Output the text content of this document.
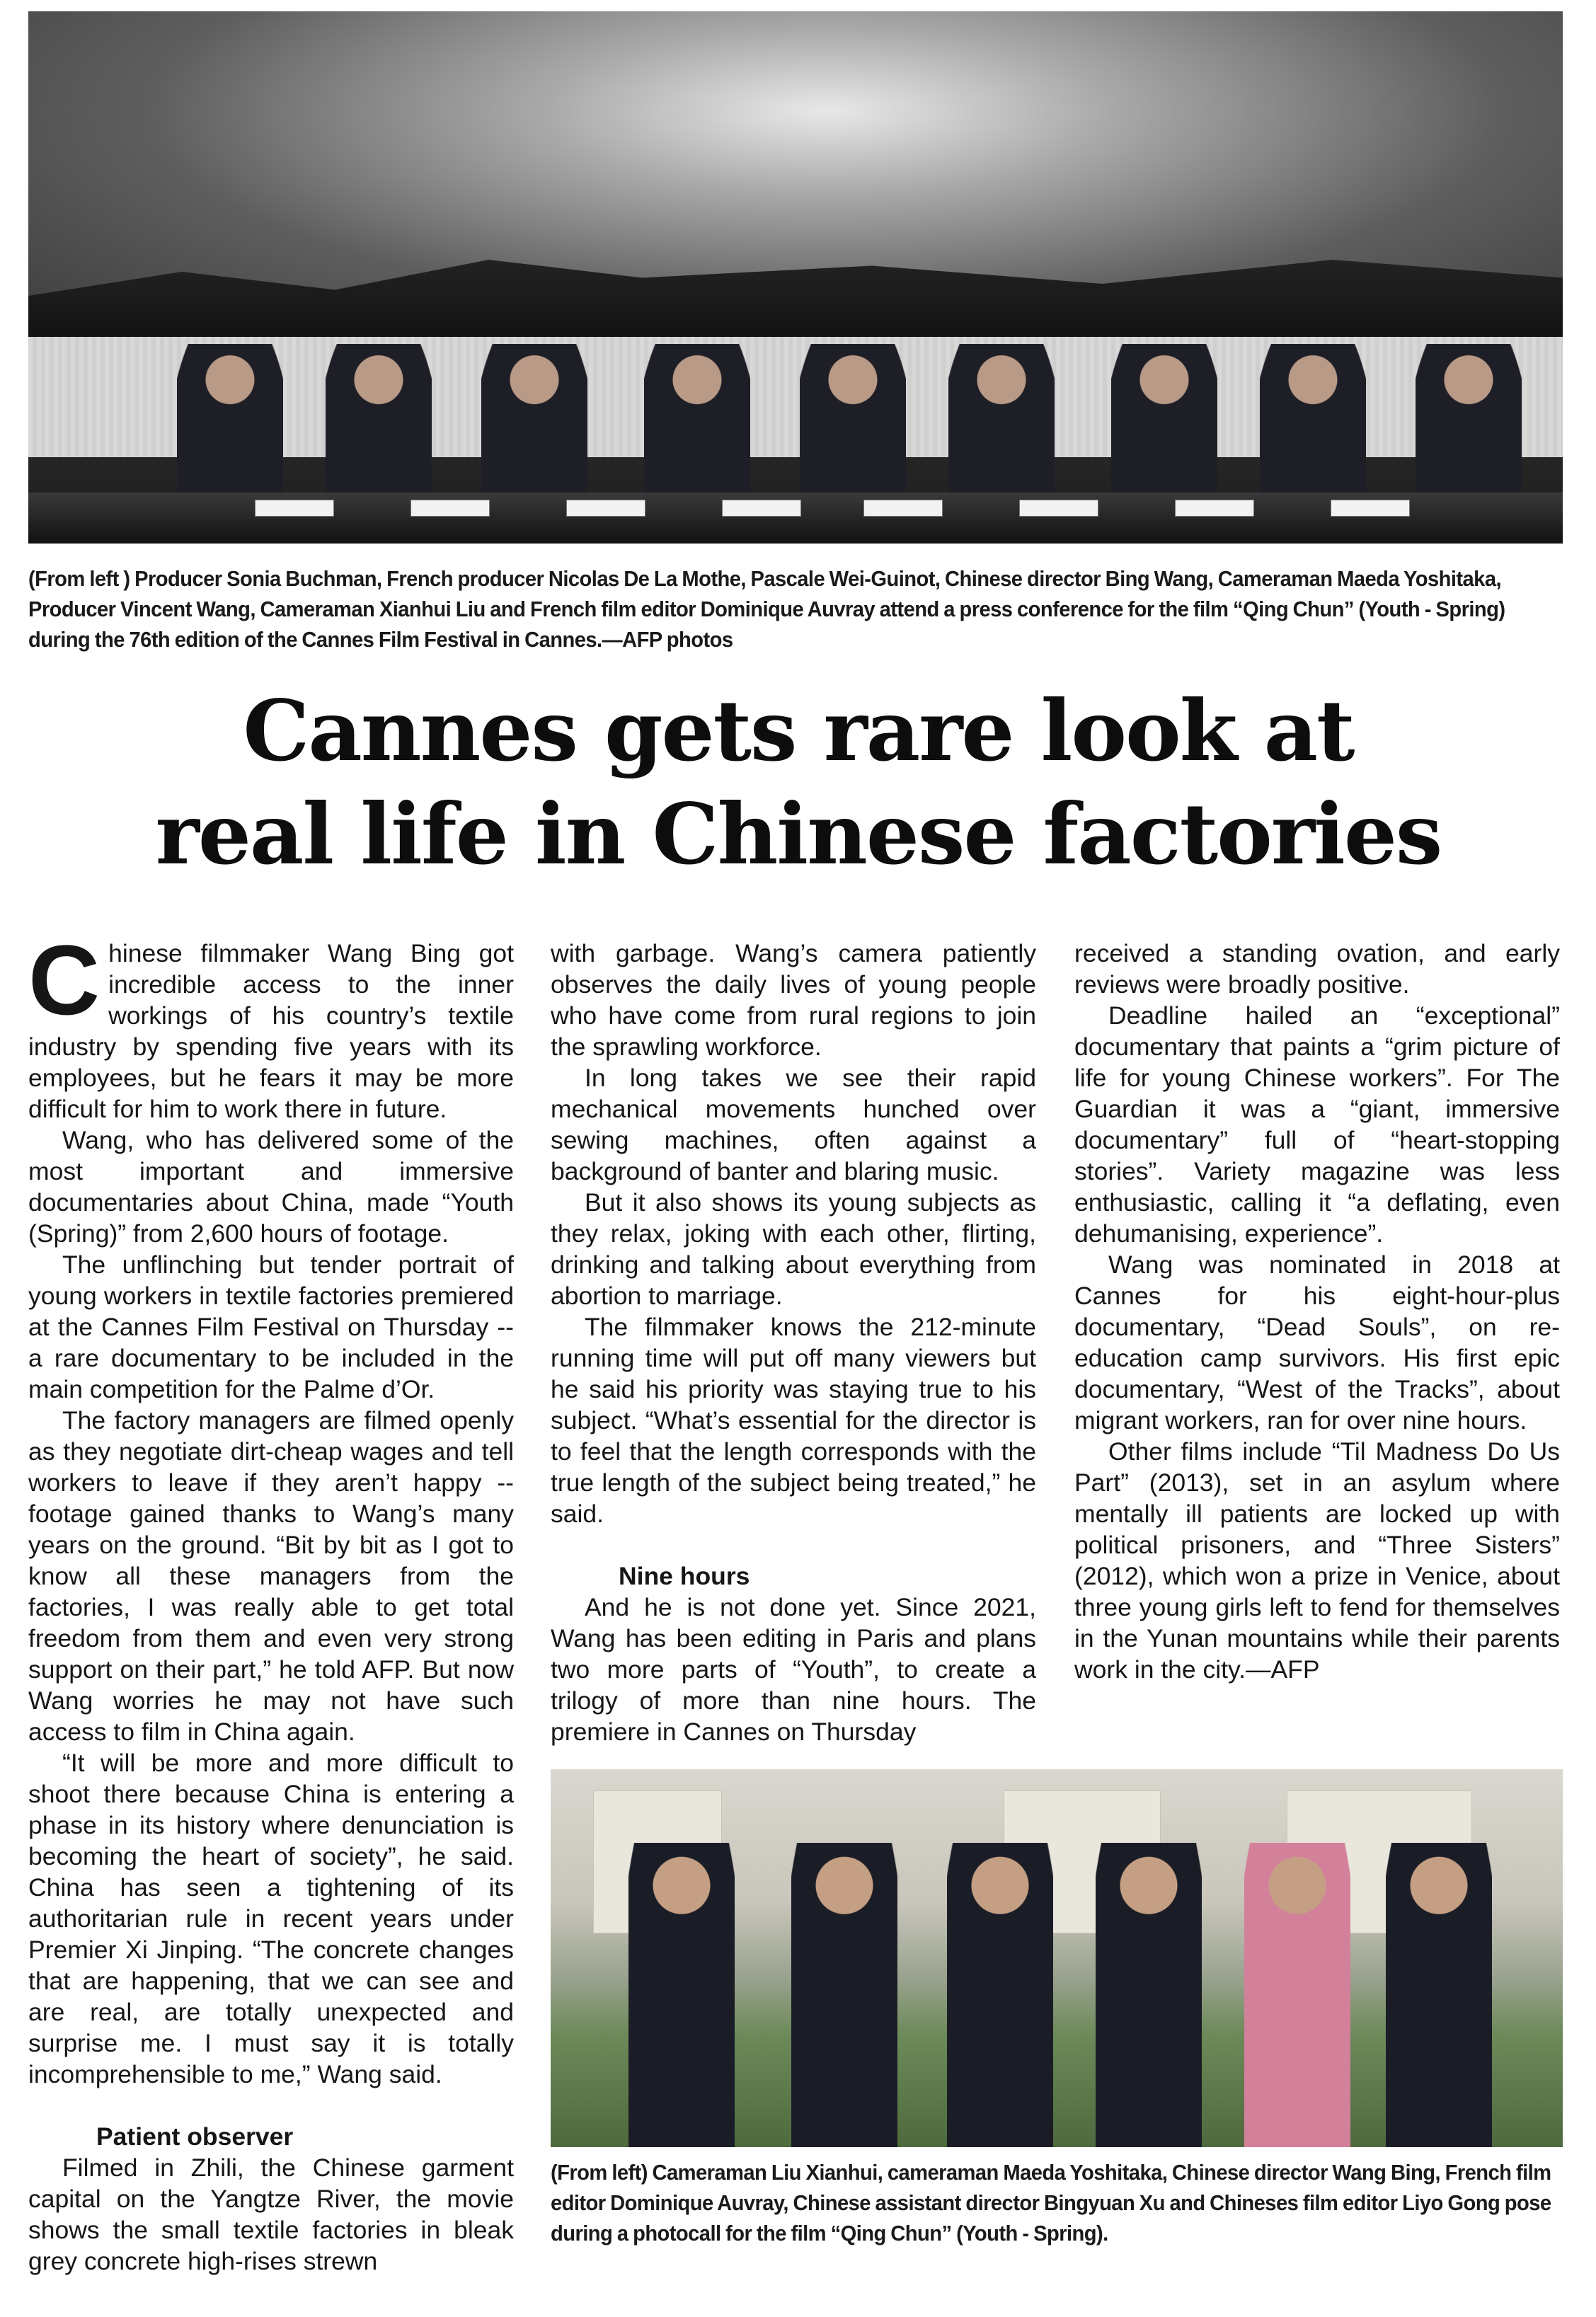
(From left ) Producer Sonia Buchman, French producer Nicolas De La Mothe, Pascale Wei-Guinot, Chinese director Bing Wang, Cameraman Maeda Yoshitaka, Producer Vincent Wang, Cameraman Xianhui Liu and French film editor Dominique Auvray attend a press conference for the film “Qing Chun” (Youth - Spring) during the 76th edition of the Cannes Film Festival in Cannes.—AFP photos
Cannes gets rare look at
real life in Chinese factories

Chinese filmmaker Wang Bing got incredible access to the inner workings of his country’s textile industry by spending five years with its employees, but he fears it may be more difficult for him to work there in future.

Wang, who has delivered some of the most important and immersive documentaries about China, made “Youth (Spring)” from 2,600 hours of footage.

The unflinching but tender portrait of young workers in textile factories premiered at the Cannes Film Festival on Thursday -- a rare documentary to be included in the main competition for the Palme d’Or.

The factory managers are filmed openly as they negotiate dirt-cheap wages and tell workers to leave if they aren’t happy -- footage gained thanks to Wang’s many years on the ground. “Bit by bit as I got to know all these managers from the factories, I was really able to get total freedom from them and even very strong support on their part,” he told AFP. But now Wang worries he may not have such access to film in China again.

“It will be more and more difficult to shoot there because China is entering a phase in its history where denunciation is becoming the heart of society”, he said. China has seen a tightening of its authoritarian rule in recent years under Premier Xi Jinping. “The concrete changes that are happening, that we can see and are real, are totally unexpected and surprise me. I must say it is totally incomprehensible to me,” Wang said.

Patient observer

Filmed in Zhili, the Chinese garment capital on the Yangtze River, the movie shows the small textile factories in bleak grey concrete high-rises strewn

with garbage. Wang’s camera patiently observes the daily lives of young people who have come from rural regions to join the sprawling workforce.

In long takes we see their rapid mechanical movements hunched over sewing machines, often against a background of banter and blaring music.

But it also shows its young subjects as they relax, joking with each other, flirting, drinking and talking about everything from abortion to marriage.

The filmmaker knows the 212-minute running time will put off many viewers but he said his priority was staying true to his subject. “What’s essential for the director is to feel that the length corresponds with the true length of the subject being treated,” he said.

Nine hours

And he is not done yet. Since 2021, Wang has been editing in Paris and plans two more parts of “Youth”, to create a trilogy of more than nine hours. The premiere in Cannes on Thursday

received a standing ovation, and early reviews were broadly positive.

Deadline hailed an “exceptional” documentary that paints a “grim picture of life for young Chinese workers”. For The Guardian it was a “giant, immersive documentary” full of “heart-stopping stories”. Variety magazine was less enthusiastic, calling it “a deflating, even dehumanising, experience”.

Wang was nominated in 2018 at Cannes for his eight-hour-plus documentary, “Dead Souls”, on re-education camp survivors. His first epic documentary, “West of the Tracks”, about migrant workers, ran for over nine hours.

Other films include “Til Madness Do Us Part” (2013), set in an asylum where mentally ill patients are locked up with political prisoners, and “Three Sisters” (2012), which won a prize in Venice, about three young girls left to fend for themselves in the Yunan mountains while their parents work in the city.—AFP

(From left) Cameraman Liu Xianhui, cameraman Maeda Yoshitaka, Chinese director Wang Bing, French film editor Dominique Auvray, Chinese assistant director Bingyuan Xu and Chineses film editor Liyo Gong pose during a photocall for the film “Qing Chun” (Youth - Spring).
